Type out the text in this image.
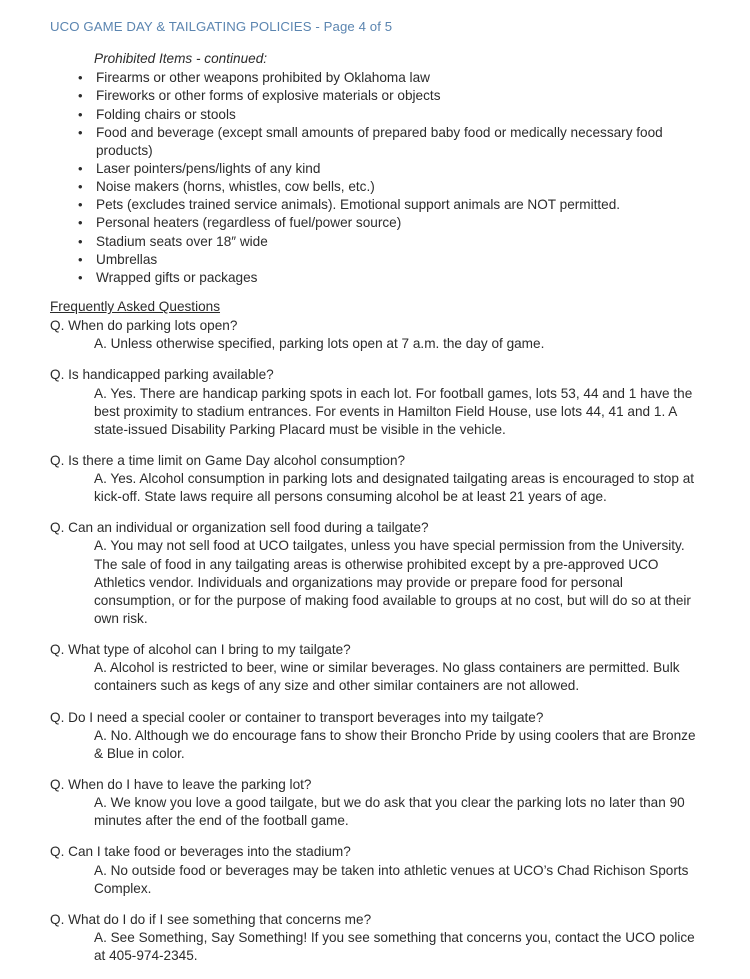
UCO GAME DAY & TAILGATING POLICIES - Page 4 of 5
Prohibited Items - continued:
• Firearms or other weapons prohibited by Oklahoma law
• Fireworks or other forms of explosive materials or objects
• Folding chairs or stools
• Food and beverage (except small amounts of prepared baby food or medically necessary food products)
• Laser pointers/pens/lights of any kind
• Noise makers (horns, whistles, cow bells, etc.)
• Pets (excludes trained service animals). Emotional support animals are NOT permitted.
• Personal heaters (regardless of fuel/power source)
• Stadium seats over 18″ wide
• Umbrellas
• Wrapped gifts or packages
Frequently Asked Questions
Q. When do parking lots open?
A. Unless otherwise specified, parking lots open at 7 a.m. the day of game.
Q. Is handicapped parking available?
A. Yes. There are handicap parking spots in each lot. For football games, lots 53, 44 and 1 have the best proximity to stadium entrances. For events in Hamilton Field House, use lots 44, 41 and 1. A state-issued Disability Parking Placard must be visible in the vehicle.
Q. Is there a time limit on Game Day alcohol consumption?
A. Yes. Alcohol consumption in parking lots and designated tailgating areas is encouraged to stop at kick-off. State laws require all persons consuming alcohol be at least 21 years of age.
Q. Can an individual or organization sell food during a tailgate?
A. You may not sell food at UCO tailgates, unless you have special permission from the University. The sale of food in any tailgating areas is otherwise prohibited except by a pre-approved UCO Athletics vendor. Individuals and organizations may provide or prepare food for personal consumption, or for the purpose of making food available to groups at no cost, but will do so at their own risk.
Q. What type of alcohol can I bring to my tailgate?
A. Alcohol is restricted to beer, wine or similar beverages. No glass containers are permitted. Bulk containers such as kegs of any size and other similar containers are not allowed.
Q. Do I need a special cooler or container to transport beverages into my tailgate?
A. No. Although we do encourage fans to show their Broncho Pride by using coolers that are Bronze & Blue in color.
Q. When do I have to leave the parking lot?
A. We know you love a good tailgate, but we do ask that you clear the parking lots no later than 90 minutes after the end of the football game.
Q. Can I take food or beverages into the stadium?
A. No outside food or beverages may be taken into athletic venues at UCO’s Chad Richison Sports Complex.
Q. What do I do if I see something that concerns me?
A. See Something, Say Something! If you see something that concerns you, contact the UCO police at 405-974-2345.
